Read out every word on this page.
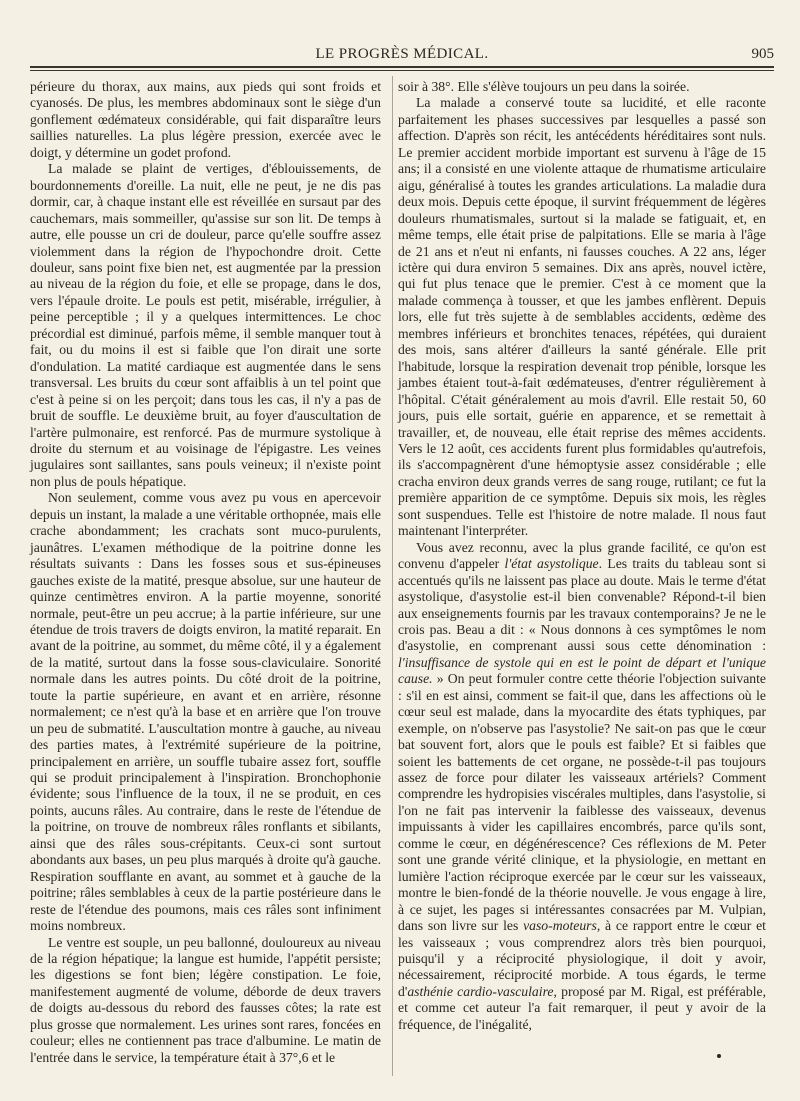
LE PROGRÈS MÉDICAL.	905

périeure du thorax, aux mains, aux pieds qui sont froids et cyanosés. De plus, les membres abdominaux sont le siège d'un gonflement œdémateux considérable, qui fait disparaître leurs saillies naturelles. La plus légère pression, exercée avec le doigt, y détermine un godet profond.

La malade se plaint de vertiges, d'éblouissements, de bourdonnements d'oreille. La nuit, elle ne peut, je ne dis pas dormir, car, à chaque instant elle est réveillée en sursaut par des cauchemars, mais sommeiller, qu'assise sur son lit. De temps à autre, elle pousse un cri de douleur, parce qu'elle souffre assez violemment dans la région de l'hypochondre droit. Cette douleur, sans point fixe bien net, est augmentée par la pression au niveau de la région du foie, et elle se propage, dans le dos, vers l'épaule droite. Le pouls est petit, misérable, irrégulier, à peine perceptible ; il y a quelques intermittences. Le choc précordial est diminué, parfois même, il semble manquer tout à fait, ou du moins il est si faible que l'on dirait une sorte d'ondulation. La matité cardiaque est augmentée dans le sens transversal. Les bruits du cœur sont affaiblis à un tel point que c'est à peine si on les perçoit; dans tous les cas, il n'y a pas de bruit de souffle. Le deuxième bruit, au foyer d'auscultation de l'artère pulmonaire, est renforcé. Pas de murmure systolique à droite du sternum et au voisinage de l'épigastre. Les veines jugulaires sont saillantes, sans pouls veineux; il n'existe point non plus de pouls hépatique.

Non seulement, comme vous avez pu vous en apercevoir depuis un instant, la malade a une véritable orthopnée, mais elle crache abondamment; les crachats sont muco-purulents, jaunâtres. L'examen méthodique de la poitrine donne les résultats suivants : Dans les fosses sous et sus-épineuses gauches existe de la matité, presque absolue, sur une hauteur de quinze centimètres environ. A la partie moyenne, sonorité normale, peut-être un peu accrue; à la partie inférieure, sur une étendue de trois travers de doigts environ, la matité reparait. En avant de la poitrine, au sommet, du même côté, il y a également de la matité, surtout dans la fosse sous-claviculaire. Sonorité normale dans les autres points. Du côté droit de la poitrine, toute la partie supérieure, en avant et en arrière, résonne normalement; ce n'est qu'à la base et en arrière que l'on trouve un peu de submatité. L'auscultation montre à gauche, au niveau des parties mates, à l'extrémité supérieure de la poitrine, principalement en arrière, un souffle tubaire assez fort, souffle qui se produit principalement à l'inspiration. Bronchophonie évidente; sous l'influence de la toux, il ne se produit, en ces points, aucuns râles. Au contraire, dans le reste de l'étendue de la poitrine, on trouve de nombreux râles ronflants et sibilants, ainsi que des râles sous-crépitants. Ceux-ci sont surtout abondants aux bases, un peu plus marqués à droite qu'à gauche. Respiration soufflante en avant, au sommet et à gauche de la poitrine; râles semblables à ceux de la partie postérieure dans le reste de l'étendue des poumons, mais ces râles sont infiniment moins nombreux.

Le ventre est souple, un peu ballonné, douloureux au niveau de la région hépatique; la langue est humide, l'appétit persiste; les digestions se font bien; légère constipation. Le foie, manifestement augmenté de volume, déborde de deux travers de doigts au-dessous du rebord des fausses côtes; la rate est plus grosse que normalement. Les urines sont rares, foncées en couleur; elles ne contiennent pas trace d'albumine. Le matin de l'entrée dans le service, la température était à 37°,6 et le

soir à 38°. Elle s'élève toujours un peu dans la soirée.

La malade a conservé toute sa lucidité, et elle raconte parfaitement les phases successives par lesquelles a passé son affection. D'après son récit, les antécédents héréditaires sont nuls. Le premier accident morbide important est survenu à l'âge de 15 ans; il a consisté en une violente attaque de rhumatisme articulaire aigu, généralisé à toutes les grandes articulations. La maladie dura deux mois. Depuis cette époque, il survint fréquemment de légères douleurs rhumatismales, surtout si la malade se fatiguait, et, en même temps, elle était prise de palpitations. Elle se maria à l'âge de 21 ans et n'eut ni enfants, ni fausses couches. A 22 ans, léger ictère qui dura environ 5 semaines. Dix ans après, nouvel ictère, qui fut plus tenace que le premier. C'est à ce moment que la malade commença à tousser, et que les jambes enflèrent. Depuis lors, elle fut très sujette à de semblables accidents, œdème des membres inférieurs et bronchites tenaces, répétées, qui duraient des mois, sans altérer d'ailleurs la santé générale. Elle prit l'habitude, lorsque la respiration devenait trop pénible, lorsque les jambes étaient tout-à-fait œdémateuses, d'entrer régulièrement à l'hôpital. C'était généralement au mois d'avril. Elle restait 50, 60 jours, puis elle sortait, guérie en apparence, et se remettait à travailler, et, de nouveau, elle était reprise des mêmes accidents. Vers le 12 août, ces accidents furent plus formidables qu'autrefois, ils s'accompagnèrent d'une hémoptysie assez considérable ; elle cracha environ deux grands verres de sang rouge, rutilant; ce fut la première apparition de ce symptôme. Depuis six mois, les règles sont suspendues. Telle est l'histoire de notre malade. Il nous faut maintenant l'interpréter.

Vous avez reconnu, avec la plus grande facilité, ce qu'on est convenu d'appeler l'état asystolique. Les traits du tableau sont si accentués qu'ils ne laissent pas place au doute. Mais le terme d'état asystolique, d'asystolie est-il bien convenable? Répond-t-il bien aux enseignements fournis par les travaux contemporains? Je ne le crois pas. Beau a dit : « Nous donnons à ces symptômes le nom d'asystolie, en comprenant aussi sous cette dénomination : l'insuffisance de systole qui en est le point de départ et l'unique cause. » On peut formuler contre cette théorie l'objection suivante : s'il en est ainsi, comment se fait-il que, dans les affections où le cœur seul est malade, dans la myocardite des états typhiques, par exemple, on n'observe pas l'asystolie? Ne sait-on pas que le cœur bat souvent fort, alors que le pouls est faible? Et si faibles que soient les battements de cet organe, ne possède-t-il pas toujours assez de force pour dilater les vaisseaux artériels? Comment comprendre les hydropisies viscérales multiples, dans l'asystolie, si l'on ne fait pas intervenir la faiblesse des vaisseaux, devenus impuissants à vider les capillaires encombrés, parce qu'ils sont, comme le cœur, en dégénérescence? Ces réflexions de M. Peter sont une grande vérité clinique, et la physiologie, en mettant en lumière l'action réciproque exercée par le cœur sur les vaisseaux, montre le bien-fondé de la théorie nouvelle. Je vous engage à lire, à ce sujet, les pages si intéressantes consacrées par M. Vulpian, dans son livre sur les vaso-moteurs, à ce rapport entre le cœur et les vaisseaux ; vous comprendrez alors très bien pourquoi, puisqu'il y a réciprocité physiologique, il doit y avoir, nécessairement, réciprocité morbide. A tous égards, le terme d'asthénie cardio-vasculaire, proposé par M. Rigal, est préférable, et comme cet auteur l'a fait remarquer, il peut y avoir de la fréquence, de l'inégalité,
